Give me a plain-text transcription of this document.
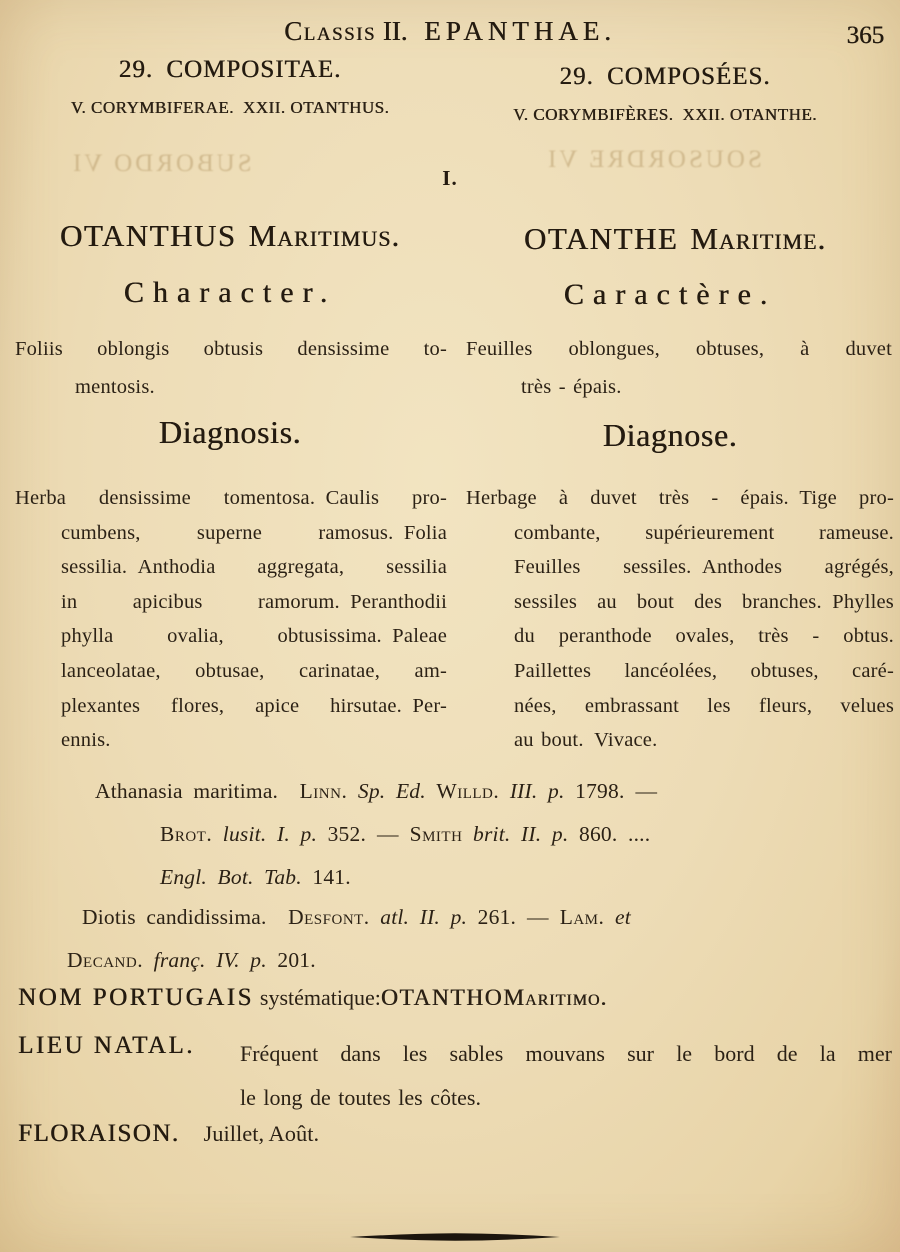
SUBORDO VI	SOUSORDRE VI
Classis II. EPANTHAE.	365
29. COMPOSITAE.
V. CORYMBIFERAE. XXII. OTANTHUS.
29. COMPOSÉES.
V. CORYMBIFÈRES. XXII. OTANTHE.
I.
OTANTHUS Maritimus.	OTANTHE Maritime.
Character.	Caractère.
Foliis oblongis obtusis densissime to-
mentosis.
Feuilles oblongues, obtuses, à duvet
très - épais.
Diagnosis.	Diagnose.
Herba densissime tomentosa. Caulis pro-
cumbens, superne ramosus. Folia
sessilia. Anthodia aggregata, sessilia
in apicibus ramorum. Peranthodii
phylla ovalia, obtusissima. Paleae
lanceolatae, obtusae, carinatae, am-
plexantes flores, apice hirsutae. Per-
ennis.
Herbage à duvet très - épais. Tige pro-
combante, supérieurement rameuse.
Feuilles sessiles. Anthodes agrégés,
sessiles au bout des branches. Phylles
du peranthode ovales, très - obtus.
Paillettes lancéolées, obtuses, caré-
nées, embrassant les fleurs, velues
au bout. Vivace.
Athanasia maritima.  Linn. Sp. Ed. Willd. III. p. 1798. —
Brot. lusit. I. p. 352. — Smith brit. II. p. 860. ....
Engl. Bot. Tab. 141.
Diotis candidissima.  Desfont. atl. II. p. 261. — Lam. et
Decand. franç. IV. p. 201.
NOM PORTUGAIS systématique: OTANTHO Maritimo.
LIEU NATAL.	Fréquent dans les sables mouvans sur le bord de la mer
le long de toutes les côtes.
FLORAISON. Juillet, Août.
